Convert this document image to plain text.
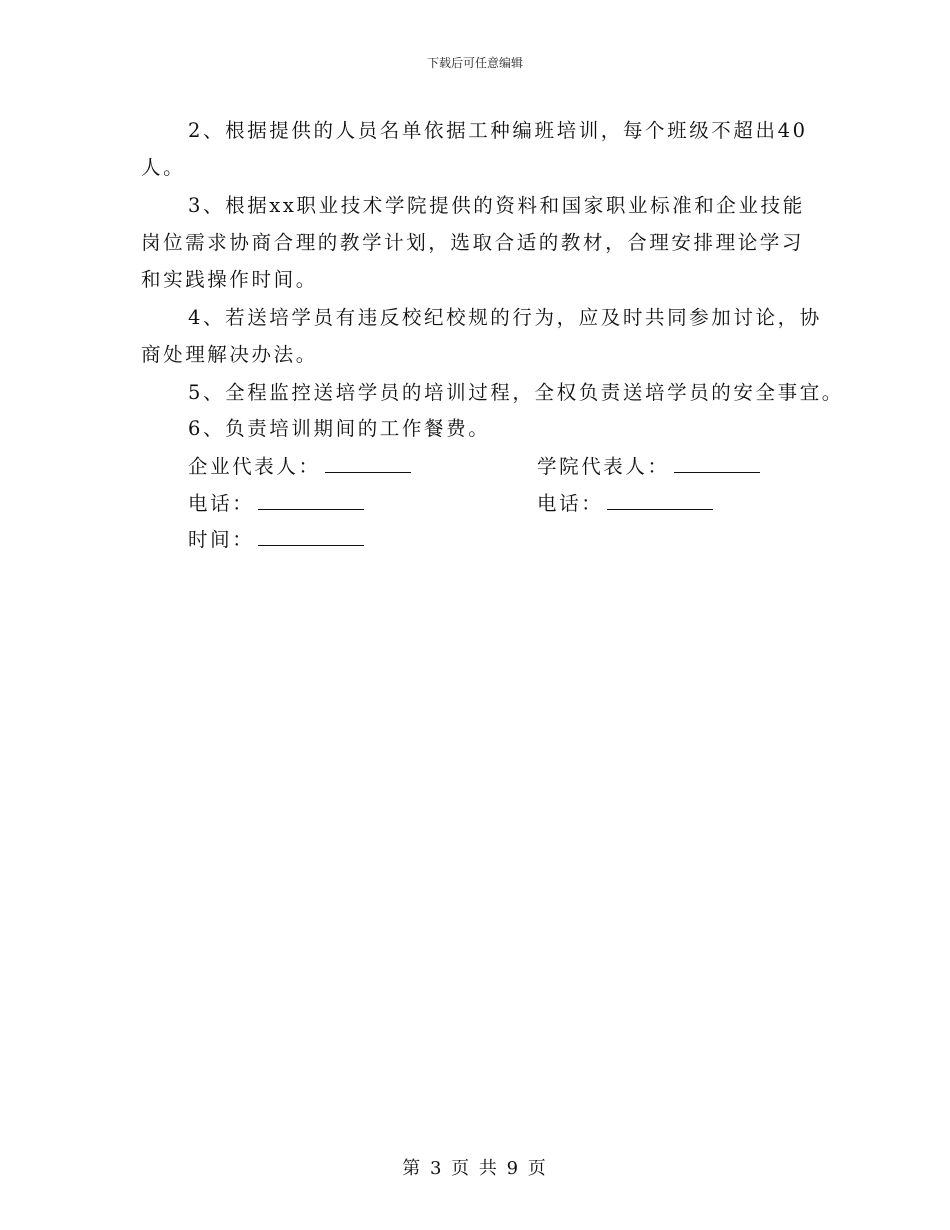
下载后可任意编辑
2、根据提供的人员名单依据工种编班培训，每个班级不超出40
人。
3、根据xx职业技术学院提供的资料和国家职业标准和企业技能
岗位需求协商合理的教学计划，选取合适的教材，合理安排理论学习
和实践操作时间。
4、若送培学员有违反校纪校规的行为，应及时共同参加讨论，协
商处理解决办法。
5、全程监控送培学员的培训过程，全权负责送培学员的安全事宜。
6、负责培训期间的工作餐费。
企业代表人：	学院代表人：
电话：	电话：
时间：
第 3 页 共 9 页
